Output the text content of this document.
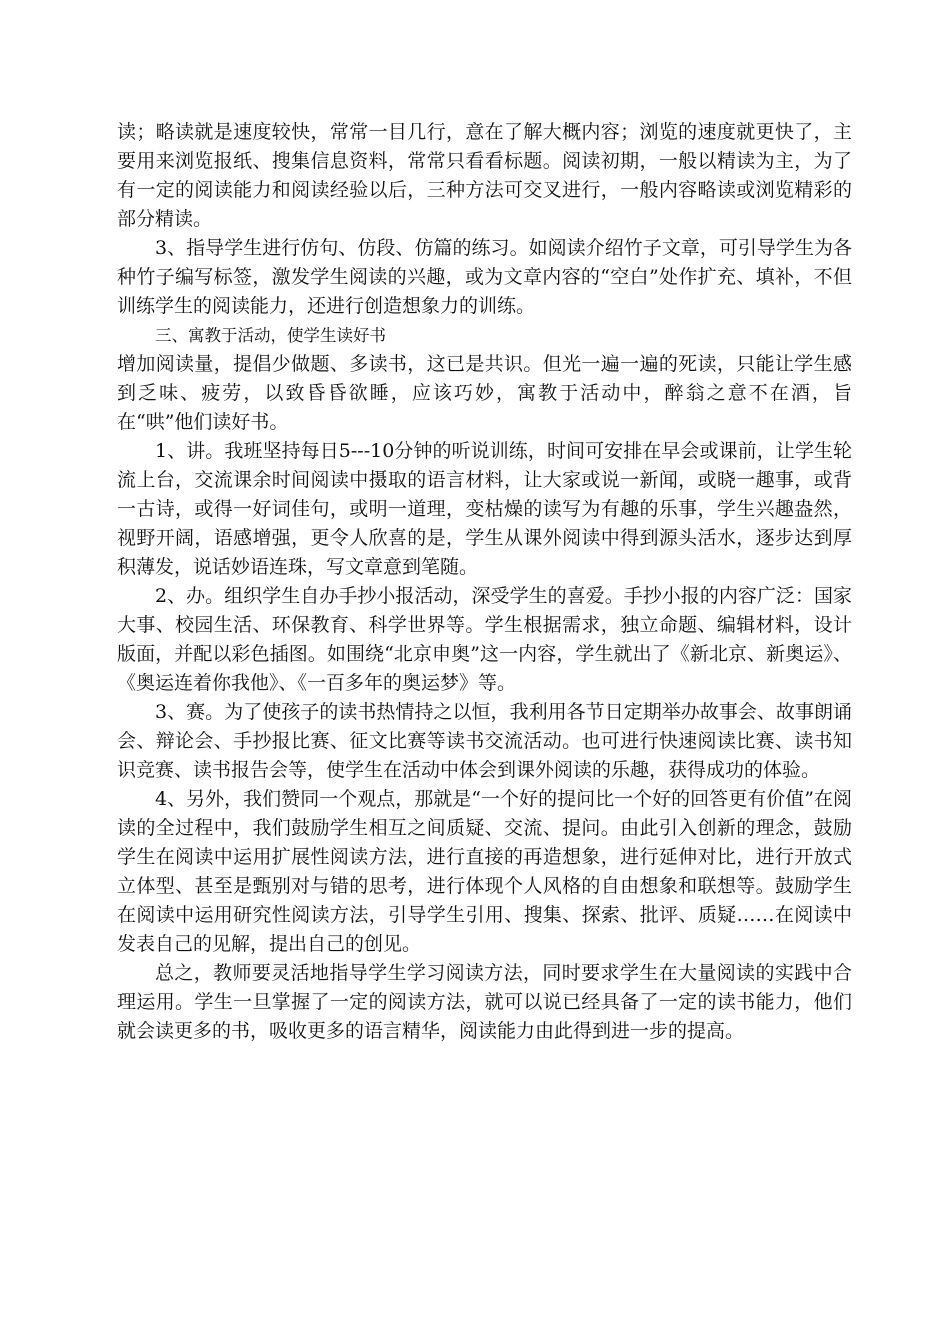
读；略读就是速度较快，常常一目几行，意在了解大概内容；浏览的速度就更快了，主要用来浏览报纸、搜集信息资料，常常只看看标题。阅读初期，一般以精读为主，为了有一定的阅读能力和阅读经验以后，三种方法可交叉进行，一般内容略读或浏览精彩的部分精读。

3、指导学生进行仿句、仿段、仿篇的练习。如阅读介绍竹子文章，可引导学生为各种竹子编写标签，激发学生阅读的兴趣，或为文章内容的“空白”处作扩充、填补，不但训练学生的阅读能力，还进行创造想象力的训练。

三、寓教于活动，使学生读好书

增加阅读量，提倡少做题、多读书，这已是共识。但光一遍一遍的死读，只能让学生感到乏味、疲劳，以致昏昏欲睡，应该巧妙，寓教于活动中，醉翁之意不在酒，旨在“哄”他们读好书。

1、讲。我班坚持每日5---10分钟的听说训练，时间可安排在早会或课前，让学生轮流上台，交流课余时间阅读中摄取的语言材料，让大家或说一新闻，或晓一趣事，或背一古诗，或得一好词佳句，或明一道理，变枯燥的读写为有趣的乐事，学生兴趣盎然，视野开阔，语感增强，更令人欣喜的是，学生从课外阅读中得到源头活水，逐步达到厚积薄发，说话妙语连珠，写文章意到笔随。

2、办。组织学生自办手抄小报活动，深受学生的喜爱。手抄小报的内容广泛：国家大事、校园生活、环保教育、科学世界等。学生根据需求，独立命题、编辑材料，设计版面，并配以彩色插图。如围绕“北京申奥”这一内容，学生就出了《新北京、新奥运》、《奥运连着你我他》、《一百多年的奥运梦》等。

3、赛。为了使孩子的读书热情持之以恒，我利用各节日定期举办故事会、故事朗诵会、辩论会、手抄报比赛、征文比赛等读书交流活动。也可进行快速阅读比赛、读书知识竞赛、读书报告会等，使学生在活动中体会到课外阅读的乐趣，获得成功的体验。

4、另外，我们赞同一个观点，那就是“一个好的提问比一个好的回答更有价值”在阅读的全过程中，我们鼓励学生相互之间质疑、交流、提问。由此引入创新的理念，鼓励学生在阅读中运用扩展性阅读方法，进行直接的再造想象，进行延伸对比，进行开放式立体型、甚至是甄别对与错的思考，进行体现个人风格的自由想象和联想等。鼓励学生在阅读中运用研究性阅读方法，引导学生引用、搜集、探索、批评、质疑……在阅读中发表自己的见解，提出自己的创见。

总之，教师要灵活地指导学生学习阅读方法，同时要求学生在大量阅读的实践中合理运用。学生一旦掌握了一定的阅读方法，就可以说已经具备了一定的读书能力，他们就会读更多的书，吸收更多的语言精华，阅读能力由此得到进一步的提高。
